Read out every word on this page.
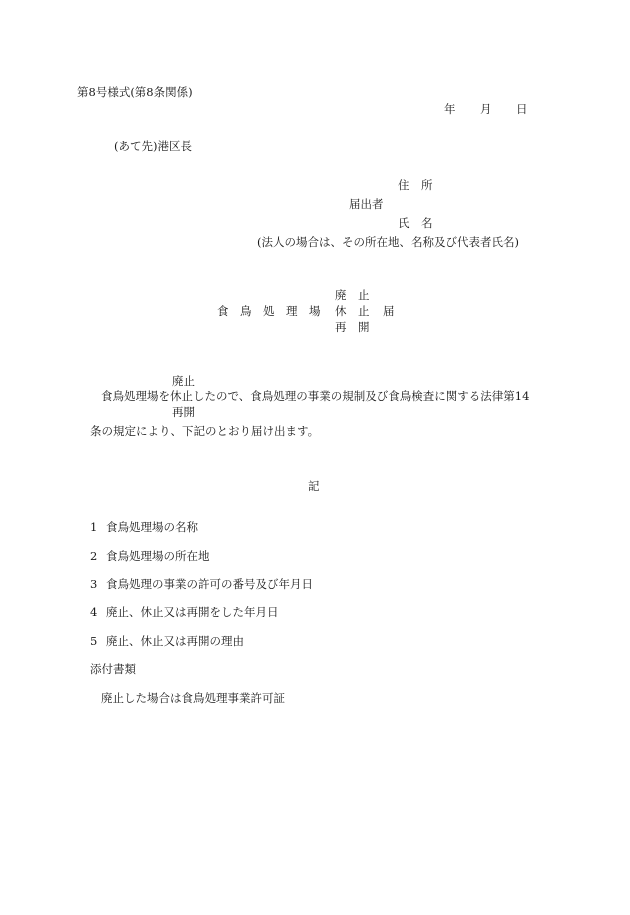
第8号様式(第8条関係)
年 月 日
(あて先)港区長
住　所
届出者
氏　名
(法人の場合は、その所在地、名称及び代表者氏名)
食　鳥　処　理　場
廃　止
休　止
再　開
届
廃止
食鳥処理場を休止したので、食鳥処理の事業の規制及び食鳥検査に関する法律第14
再開
条の規定により、下記のとおり届け出ます。
記
1 食鳥処理場の名称
2 食鳥処理場の所在地
3 食鳥処理の事業の許可の番号及び年月日
4 廃止、休止又は再開をした年月日
5 廃止、休止又は再開の理由
添付書類
廃止した場合は食鳥処理事業許可証
